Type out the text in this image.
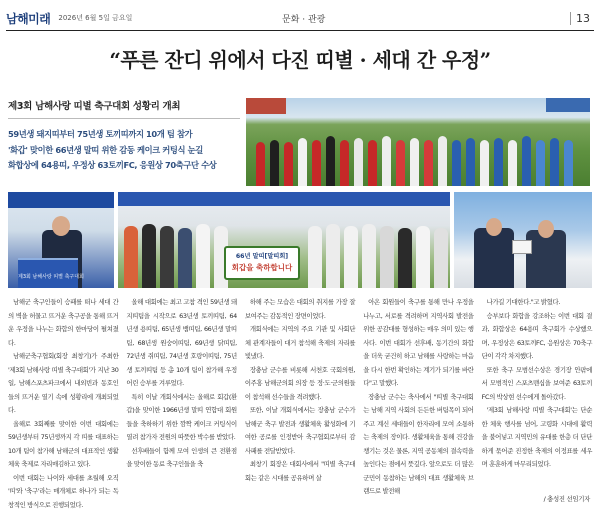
남해미래 2026년 6월 5일 금요일	문화 · 관광	13
“푸른 잔디 위에서 다진 띠별 · 세대 간 우정”
제3회 남해사랑 띠별 축구대회 성황리 개최
59년생 돼지띠부터 75년생 토끼띠까지 10개 팀 참가
'화갑' 맞이한 66년생 말띠 위한 감동 케이크 커팅식 눈길
화합상에 64용띠, 우정상 63토끼FC, 응원상 70축구단 수상
제3회 남해사랑 띠별 축구대회
66년 말띠[말띠회]
회갑을 축하합니다

남해군 축구인들이 승패를 떠나 세대 간의 벽을 허물고 뜨거운 축구공을 통해 뜨거운 우정을 나누는 화합의 한마당이 펼쳐졌다.

남해군축구협회(회장 최창기)가 주최한 '제3회 남해사랑 띠별 축구대회'가 지난 30일, 남해스포츠파크에서 내외빈과 동호인들의 뜨거운 열기 속에 성황리에 개최되었다.

올해로 3회째를 맞이한 이번 대회에는 59년생부터 75년생까지 각 띠를 대표하는 10개 팀이 참가해 남해군의 대표적인 생활체육 축제로 자리매김하고 있다.

이번 대회는 나이와 세대를 초월해 오직 '띠'와 '축구'라는 매개체로 하나가 되는 독창적인 방식으로 진행되었다.

올해 대회에는 최고 고참 격인 59년생 돼지띠팀을 시작으로 63년생 토끼띠팀, 64년생 용띠팀, 65년생 뱀띠팀, 66년생 말띠팀, 68년생 원숭이띠팀, 69년생 닭띠팀, 72년생 쥐띠팀, 74년생 호랑이띠팀, 75년생 토끼띠팀 등 총 10개 팀이 참가해 우정 어린 승부를 겨루었다.

특히 이날 개회식에서는 올해로 회갑(환갑)을 맞이한 1966년생 말띠 연합대 회원들을 축하하기 위한 깜짝 케이크 커팅식이 열려 참가자 전원의 따뜻한 박수를 받았다.

선후배들이 함께 모여 인생의 큰 전환점을 맞이한 동료 축구인들을 축

하해 주는 모습은 대회의 취지를 가장 잘 보여주는 감동적인 장면이었다.

개회식에는 지역의 주요 기관 및 사회단체 관계자들이 대거 참석해 축제의 자리를 빛냈다.

장충남 군수를 비롯해 서천호 국회의원, 이주홍 남해군의회 의장 등 정·도·군의원들이 참석해 선수들을 격려했다.

또한, 이날 개회식에서는 장충남 군수가 남해군 축구 발전과 생활체육 활성화에 기여한 공로를 인정받아 축구협회로부터 감사패를 전달받았다.

최창기 회장은 대회사에서 "띠별 축구대회는 같은 시대를 공유하며 살

아온 회원들이 축구를 통해 만나 우정을 나누고, 서로를 격려하며 지역사회 발전을 위한 공감대를 형성하는 매우 의미 있는 행사다. 이번 대회가 선후배, 동기간의 화합을 더욱 굳건히 하고 남해를 사랑하는 마음을 다시 한번 확인하는 계기가 되기를 바란다"고 말했다.

장충남 군수는 축사에서 "띠별 축구대회는 남해 지역 사회의 든든한 버팀목이 되어주고 계신 세대들이 한자리에 모여 소통하는 축제의 장이다. 생활체육을 통해 건강을 챙기는 것은 물론, 지역 공동체의 결속력을 높인다는 점에서 뜻깊다. 앞으로도 더 많은 군민이 동참하는 남해의 대표 생활체육 브랜드로 발전해

나가길 기대한다."고 밝혔다.

승부보다 화합을 강조하는 이번 대회 결과, 화합상은 64용띠 축구회가 수상했으며, 우정상은 63토끼FC, 응원상은 70축구단이 각각 차지했다.

또한 축구 모범선수상은 경기장 안팎에서 모범적인 스포츠맨십을 보여준 63토끼FC의 박상현 선수에게 돌아갔다.

'제3회 남해사랑 띠별 축구대회'는 단순한 체육 행사를 넘어, 고령화 시대에 활력을 불어넣고 지역민의 유대를 한층 더 단단하게 묶어준 진정한 축제의 이정표를 세우며 훈훈하게 마무리되었다.

/ 충성진 선임기자
